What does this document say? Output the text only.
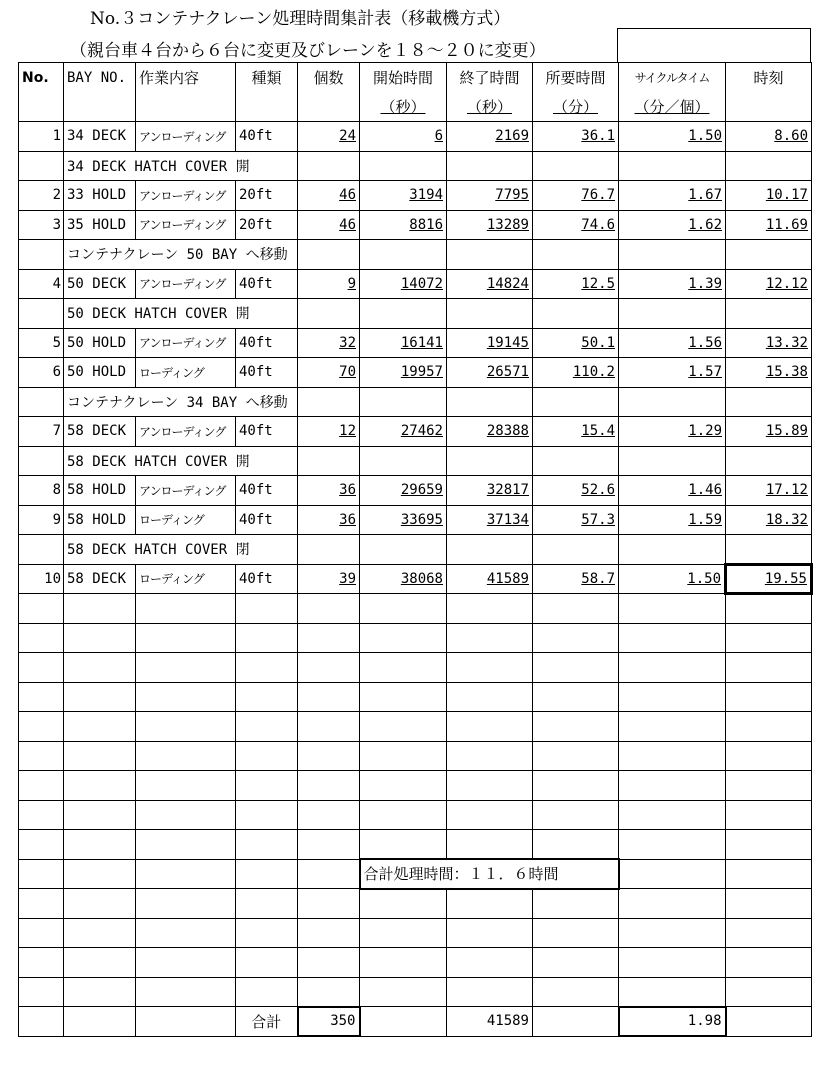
No.３コンテナクレーン処理時間集計表（移載機方式）
（親台車４台から６台に変更及びレーンを１８～２０に変更）
No.	BAY NO.	作業内容	種類	個数	開始時間	終了時間	所要時間	サイクルタイム	時刻
					（秒）	（秒）	（分）	（分／個）	
1	34 DECK	アンローディング	40ft	24	6	2169	36.1	1.50	8.60
	34 DECK HATCH COVER 開								
2	33 HOLD	アンローディング	20ft	46	3194	7795	76.7	1.67	10.17
3	35 HOLD	アンローディング	20ft	46	8816	13289	74.6	1.62	11.69
	コンテナクレーン 50 BAY へ移動								
4	50 DECK	アンローディング	40ft	9	14072	14824	12.5	1.39	12.12
	50 DECK HATCH COVER 開								
5	50 HOLD	アンローディング	40ft	32	16141	19145	50.1	1.56	13.32
6	50 HOLD	ローディング	40ft	70	19957	26571	110.2	1.57	15.38
	コンテナクレーン 34 BAY へ移動								
7	58 DECK	アンローディング	40ft	12	27462	28388	15.4	1.29	15.89
	58 DECK HATCH COVER 開								
8	58 HOLD	アンローディング	40ft	36	29659	32817	52.6	1.46	17.12
9	58 HOLD	ローディング	40ft	36	33695	37134	57.3	1.59	18.32
	58 DECK HATCH COVER 閉								
10	58 DECK	ローディング	40ft	39	38068	41589	58.7	1.50	19.55

					合計処理時間：１１．６時間				

			合計	350		41589		1.98	
